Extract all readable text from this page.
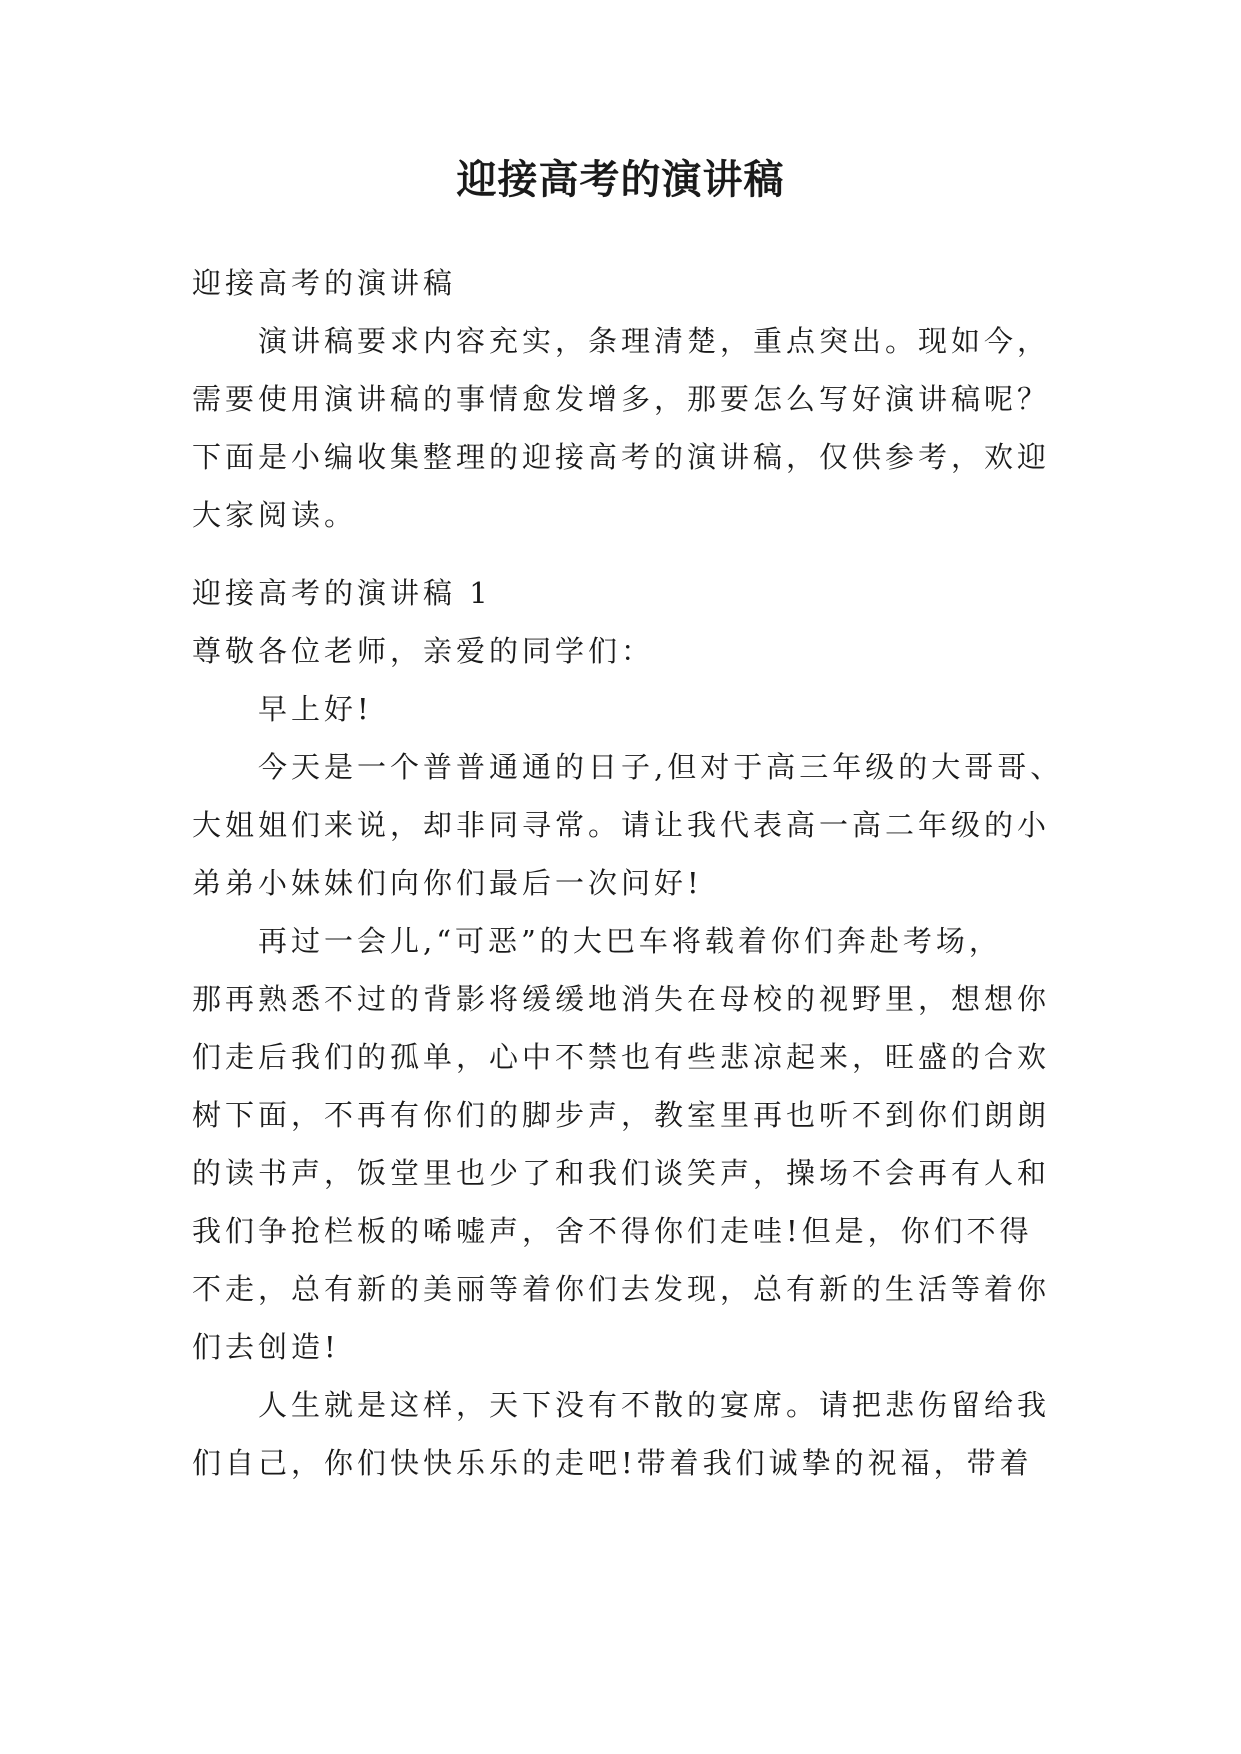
迎接高考的演讲稿
迎接高考的演讲稿
演讲稿要求内容充实，条理清楚，重点突出。现如今，
需要使用演讲稿的事情愈发增多，那要怎么写好演讲稿呢？
下面是小编收集整理的迎接高考的演讲稿，仅供参考，欢迎
大家阅读。
迎接高考的演讲稿 1
尊敬各位老师，亲爱的同学们：
早上好!
今天是一个普普通通的日子,但对于高三年级的大哥哥、
大姐姐们来说，却非同寻常。请让我代表高一高二年级的小
弟弟小妹妹们向你们最后一次问好!
再过一会儿,“可恶”的大巴车将载着你们奔赴考场，
那再熟悉不过的背影将缓缓地消失在母校的视野里，想想你
们走后我们的孤单，心中不禁也有些悲凉起来，旺盛的合欢
树下面，不再有你们的脚步声，教室里再也听不到你们朗朗
的读书声，饭堂里也少了和我们谈笑声，操场不会再有人和
我们争抢栏板的唏嘘声，舍不得你们走哇!但是，你们不得
不走，总有新的美丽等着你们去发现，总有新的生活等着你
们去创造!
人生就是这样，天下没有不散的宴席。请把悲伤留给我
们自己，你们快快乐乐的走吧!带着我们诚挚的祝福，带着
